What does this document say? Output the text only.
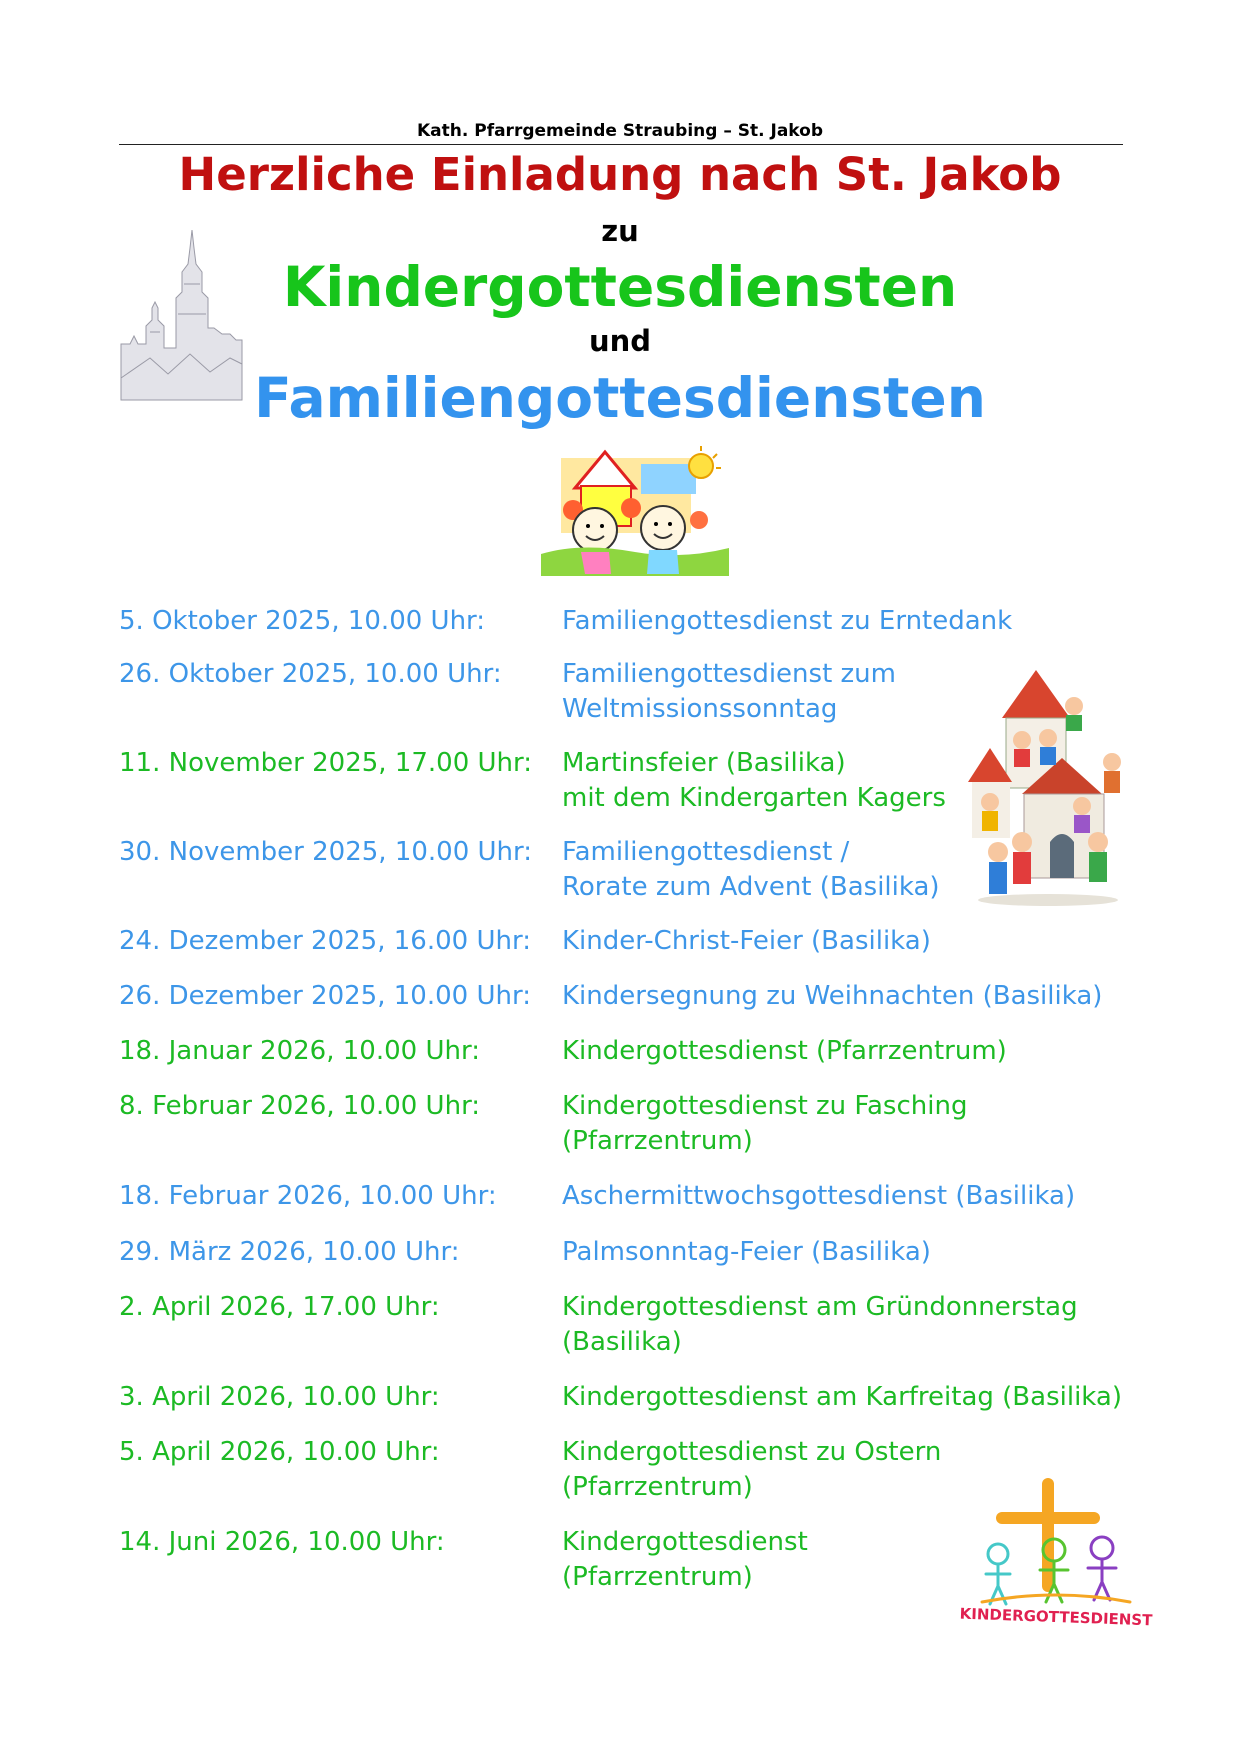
Kath. Pfarrgemeinde Straubing – St. Jakob
Herzliche Einladung nach St. Jakob
zu
Kindergottesdiensten
und
Familiengottesdiensten
KINDERGOTTESDIENST
5. Oktober 2025, 10.00 Uhr:	Familiengottesdienst zu Erntedank
26. Oktober 2025, 10.00 Uhr:	Familiengottesdienst zum
Weltmissionssonntag
11. November 2025, 17.00 Uhr:	Martinsfeier (Basilika)
mit dem Kindergarten Kagers
30. November 2025, 10.00 Uhr:	Familiengottesdienst /
Rorate zum Advent (Basilika)
24. Dezember 2025, 16.00 Uhr:	Kinder-Christ-Feier (Basilika)
26. Dezember 2025, 10.00 Uhr:	Kindersegnung zu Weihnachten (Basilika)
18. Januar 2026, 10.00 Uhr:	Kindergottesdienst (Pfarrzentrum)
8. Februar 2026, 10.00 Uhr:	Kindergottesdienst zu Fasching
(Pfarrzentrum)
18. Februar 2026, 10.00 Uhr:	Aschermittwochsgottesdienst (Basilika)
29. März 2026, 10.00 Uhr:	Palmsonntag-Feier (Basilika)
2. April 2026, 17.00 Uhr:	Kindergottesdienst am Gründonnerstag
(Basilika)
3. April 2026, 10.00 Uhr:	Kindergottesdienst am Karfreitag (Basilika)
5. April 2026, 10.00 Uhr:	Kindergottesdienst zu Ostern
(Pfarrzentrum)
14. Juni 2026, 10.00 Uhr:	Kindergottesdienst
(Pfarrzentrum)
